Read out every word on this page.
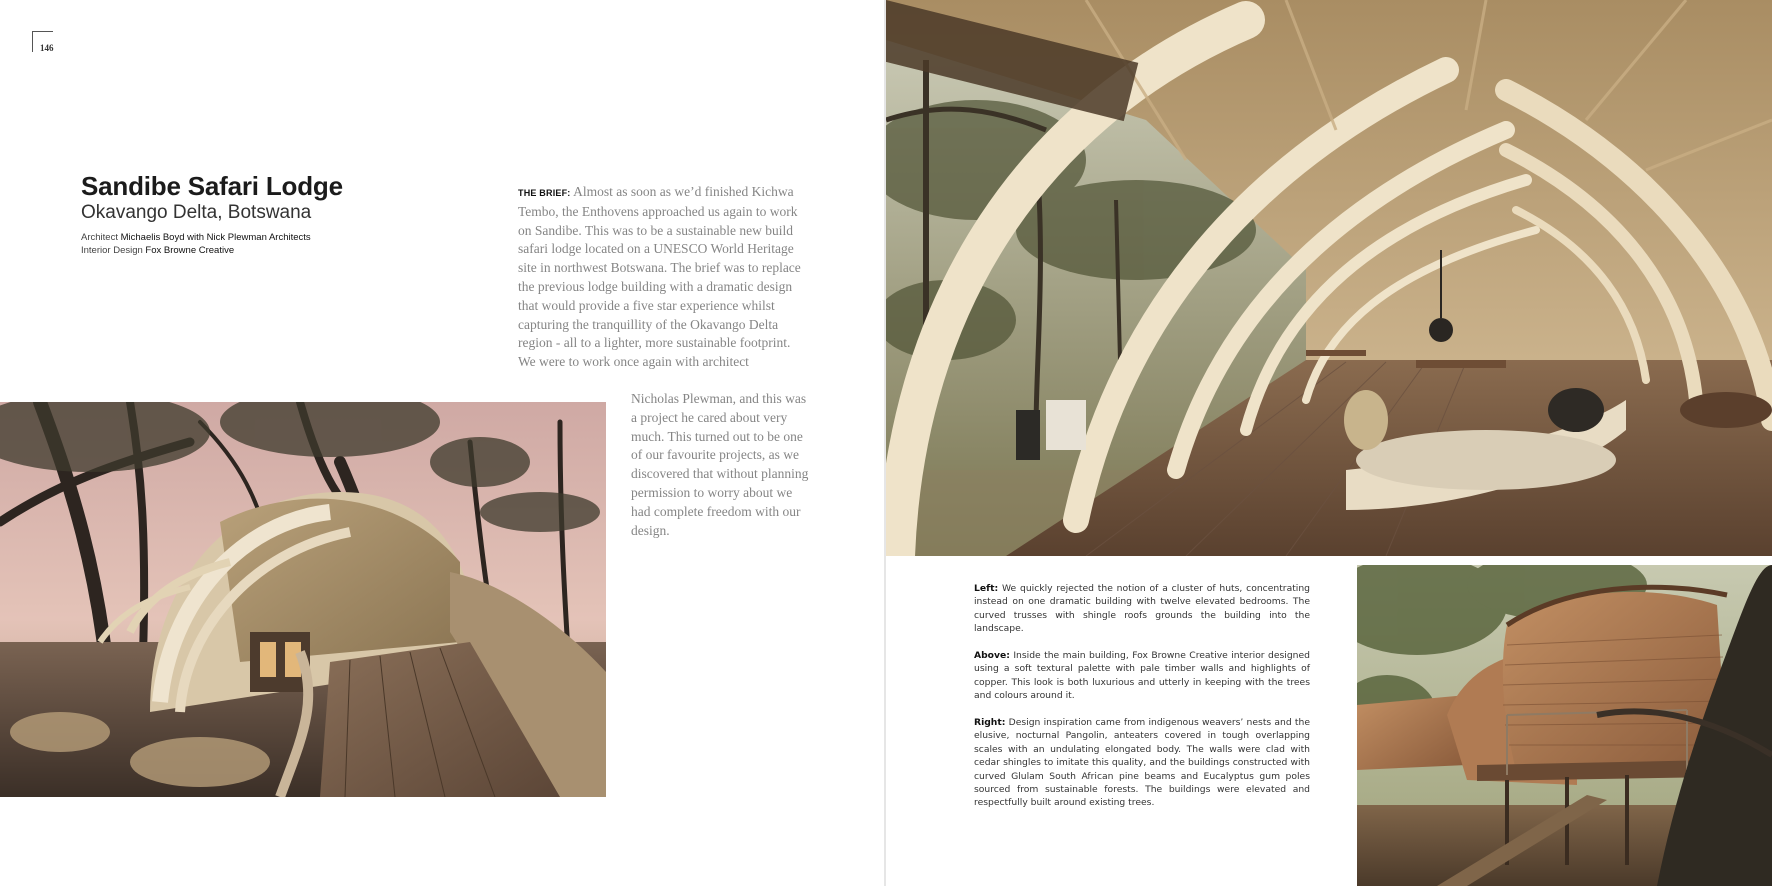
146
Sandibe Safari Lodge
Okavango Delta, Botswana
Architect Michaelis Boyd with Nick Plewman Architects
Interior Design Fox Browne Creative
THE BRIEF: Almost as soon as we’d finished Kichwa Tembo, the Enthovens approached us again to work on Sandibe. This was to be a sustainable new build safari lodge located on a UNESCO World Heritage site in northwest Botswana. The brief was to replace the previous lodge building with a dramatic design that would provide a five star experience whilst capturing the tranquillity of the Okavango Delta region - all to a lighter, more sustainable footprint. We were to work once again with architect
Nicholas Plewman, and this was a project he cared about very much. This turned out to be one of our favourite projects, as we discovered that without planning permission to worry about we had complete freedom with our design.

Left: We quickly rejected the notion of a cluster of huts, concentrating instead on one dramatic building with twelve elevated bedrooms. The curved trusses with shingle roofs grounds the building into the landscape.

Above: Inside the main building, Fox Browne Creative interior designed using a soft textural palette with pale timber walls and highlights of copper. This look is both luxurious and utterly in keeping with the trees and colours around it.

Right: Design inspiration came from indigenous weavers’ nests and the elusive, nocturnal Pangolin, anteaters covered in tough overlapping scales with an undulating elongated body. The walls were clad with cedar shingles to imitate this quality, and the buildings constructed with curved Glulam South African pine beams and Eucalyptus gum poles sourced from sustainable forests. The buildings were elevated and respectfully built around existing trees.
